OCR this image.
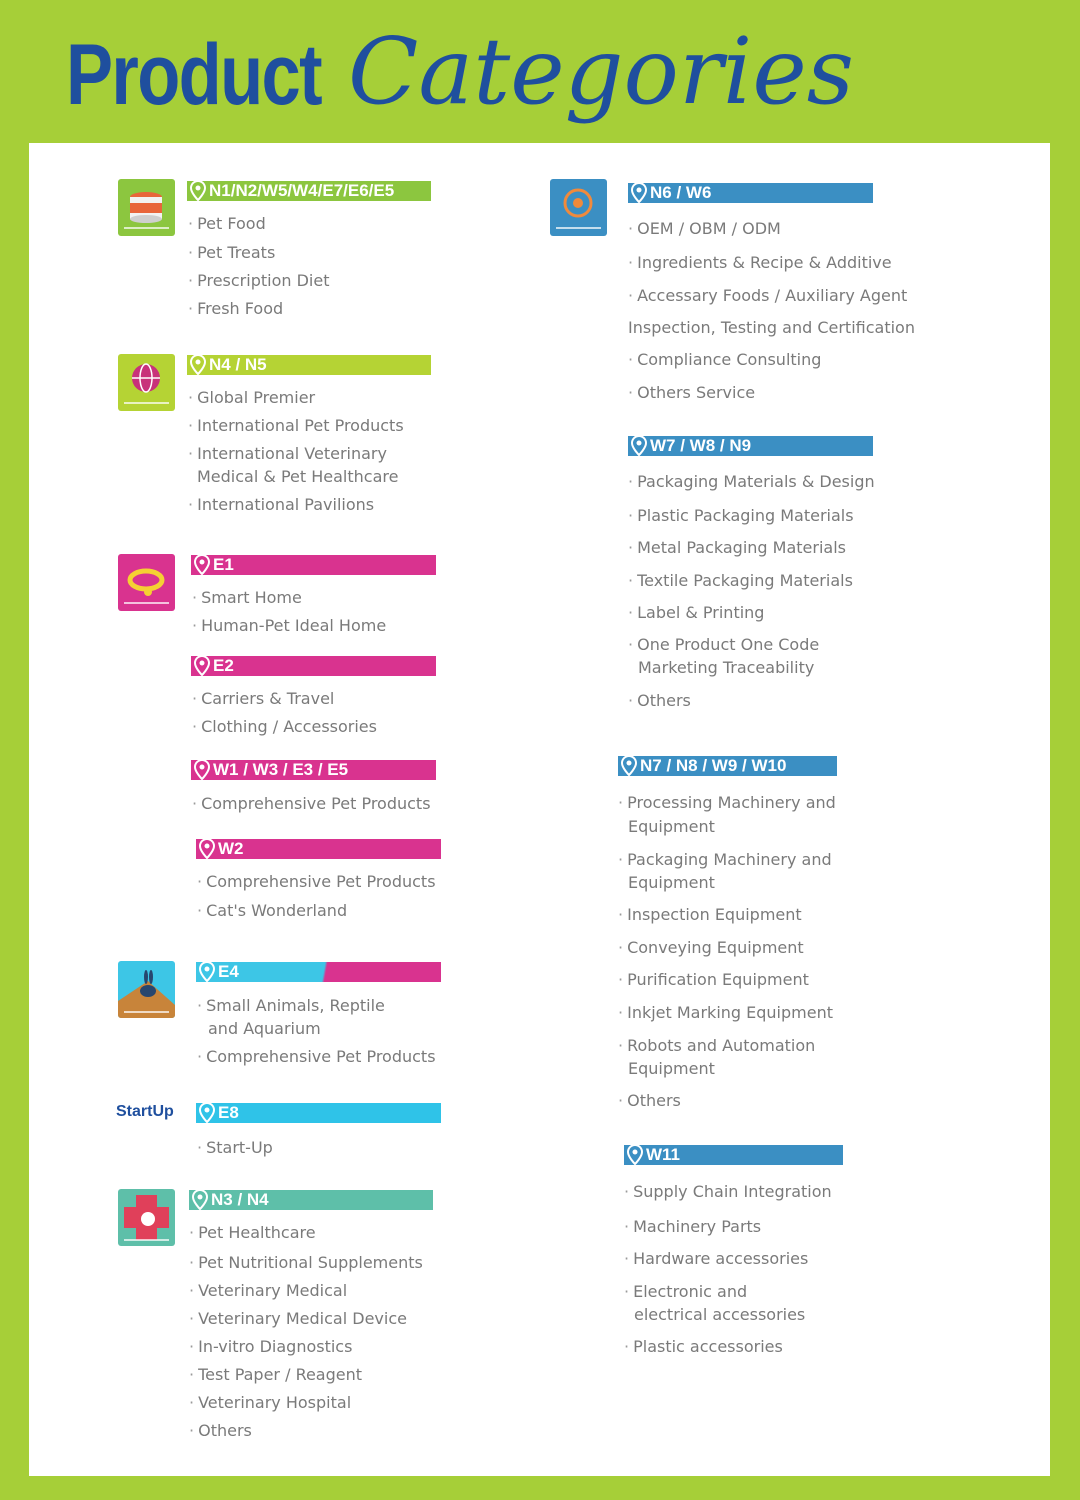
Product Categories
N1/N2/W5/W4/E7/E6/E5
· Pet Food
· Pet Treats
· Prescription Diet
· Fresh Food
N4 / N5
· Global Premier
· International Pet Products
· International Veterinary
Medical & Pet Healthcare
· International Pavilions
E1
· Smart Home
· Human-Pet Ideal Home
E2
· Carriers & Travel
· Clothing / Accessories
W1 / W3 / E3 / E5
· Comprehensive Pet Products
W2
· Comprehensive Pet Products
· Cat's Wonderland
E4
· Small Animals, Reptile
and Aquarium
· Comprehensive Pet Products
StartUp	E8
· Start-Up
N3 / N4
· Pet Healthcare
· Pet Nutritional Supplements
· Veterinary Medical
· Veterinary Medical Device
· In-vitro Diagnostics
· Test Paper / Reagent
· Veterinary Hospital
· Others
N6 / W6
· OEM / OBM / ODM
· Ingredients & Recipe & Additive
· Accessary Foods / Auxiliary Agent
Inspection, Testing and Certification
· Compliance Consulting
· Others Service
W7 / W8 / N9
· Packaging Materials & Design
· Plastic Packaging Materials
· Metal Packaging Materials
· Textile Packaging Materials
· Label & Printing
· One Product One Code
Marketing Traceability
· Others
N7 / N8 / W9 / W10
· Processing Machinery and
Equipment
· Packaging Machinery and
Equipment
· Inspection Equipment
· Conveying Equipment
· Purification Equipment
· Inkjet Marking Equipment
· Robots and Automation
Equipment
· Others
W11
· Supply Chain Integration
· Machinery Parts
· Hardware accessories
· Electronic and
electrical accessories
· Plastic accessories
